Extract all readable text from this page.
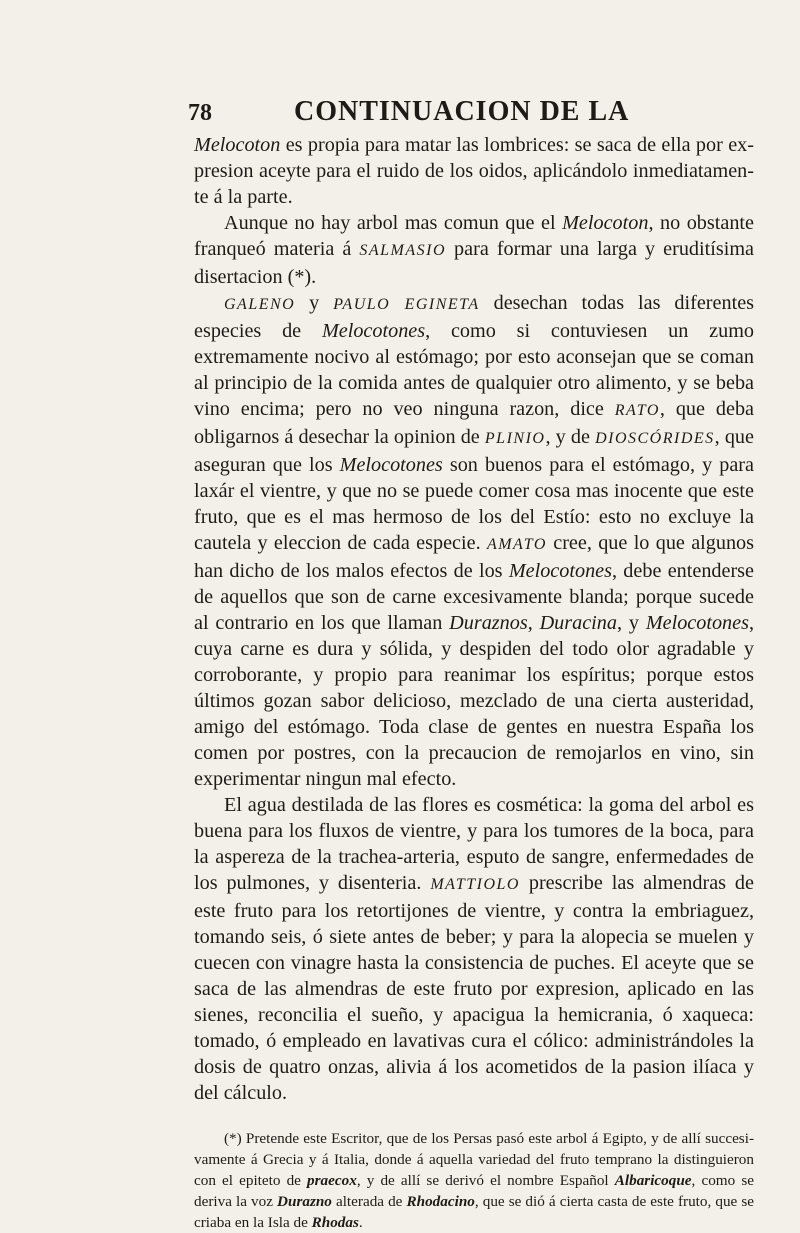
78	CONTINUACION DE LA

Melocoton es propia para matar las lombrices: se saca de ella por expresion aceyte para el ruido de los oidos, aplicándolo inmediatamente á la parte.

Aunque no hay arbol mas comun que el Melocoton, no obstante franqueó materia á SALMASIO para formar una larga y eruditísima disertacion (*).

GALENO y PAULO EGINETA desechan todas las diferentes especies de Melocotones, como si contuviesen un zumo extremamente nocivo al estómago; por esto aconsejan que se coman al principio de la comida antes de qualquier otro alimento, y se beba vino encima; pero no veo ninguna razon, dice RATO, que deba obligarnos á desechar la opinion de PLINIO, y de DIOSCÓRIDES, que aseguran que los Melocotones son buenos para el estómago, y para laxár el vientre, y que no se puede comer cosa mas inocente que este fruto, que es el mas hermoso de los del Estío: esto no excluye la cautela y eleccion de cada especie. AMATO cree, que lo que algunos han dicho de los malos efectos de los Melocotones, debe entenderse de aquellos que son de carne excesivamente blanda; porque sucede al contrario en los que llaman Duraznos, Duracina, y Melocotones, cuya carne es dura y sólida, y despiden del todo olor agradable y corroborante, y propio para reanimar los espíritus; porque estos últimos gozan sabor delicioso, mezclado de una cierta austeridad, amigo del estómago. Toda clase de gentes en nuestra España los comen por postres, con la precaucion de remojarlos en vino, sin experimentar ningun mal efecto.

El agua destilada de las flores es cosmética: la goma del arbol es buena para los fluxos de vientre, y para los tumores de la boca, para la aspereza de la trachea-arteria, esputo de sangre, enfermedades de los pulmones, y disenteria. MATTIOLO prescribe las almendras de este fruto para los retortijones de vientre, y contra la embriaguez, tomando seis, ó siete antes de beber; y para la alopecia se muelen y cuecen con vinagre hasta la consistencia de puches. El aceyte que se saca de las almendras de este fruto por expresion, aplicado en las sienes, reconcilia el sueño, y apacigua la hemicrania, ó xaqueca: tomado, ó empleado en lavativas cura el cólico: administrándoles la dosis de quatro onzas, alivia á los acometidos de la pasion ilíaca y del cálculo.

(*) Pretende este Escritor, que de los Persas pasó este arbol á Egipto, y de allí succesivamente á Grecia y á Italia, donde á aquella variedad del fruto temprano la distinguieron con el epiteto de praecox, y de allí se derivó el nombre Español Albaricoque, como se deriva la voz Durazno alterada de Rhodacino, que se dió á cierta casta de este fruto, que se criaba en la Isla de Rhodas.
